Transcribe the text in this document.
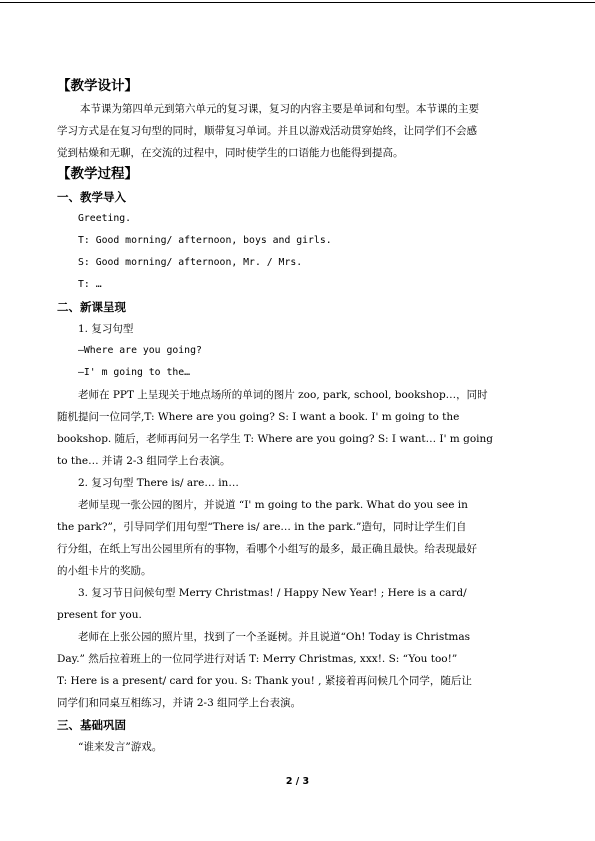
【教学设计】
本节课为第四单元到第六单元的复习课，复习的内容主要是单词和句型。本节课的主要
学习方式是在复习句型的同时，顺带复习单词。并且以游戏活动贯穿始终，让同学们不会感
觉到枯燥和无聊，在交流的过程中，同时使学生的口语能力也能得到提高。
【教学过程】
一、教学导入
Greeting.
T: Good morning/ afternoon, boys and girls.
S: Good morning/ afternoon, Mr. / Mrs.
T: …
二、新课呈现
1. 复习句型
—Where are you going?
—I' m going to the…
老师在 PPT 上呈现关于地点场所的单词的图片 zoo, park, school, bookshop…，同时
随机提问一位同学,T: Where are you going? S: I want a book. I' m going to the
bookshop. 随后，老师再问另一名学生 T: Where are you going? S: I want… I' m going
to the… 并请 2-3 组同学上台表演。
2. 复习句型 There is/ are… in…
老师呈现一张公园的图片，并说道 “I' m going to the park. What do you see in
the park?”，引导同学们用句型“There is/ are… in the park.”造句，同时让学生们自
行分组，在纸上写出公园里所有的事物，看哪个小组写的最多，最正确且最快。给表现最好
的小组卡片的奖励。
3. 复习节日问候句型 Merry Christmas! / Happy New Year! ; Here is a card/
present for you.
老师在上张公园的照片里，找到了一个圣诞树。并且说道“Oh! Today is Christmas
Day.” 然后拉着班上的一位同学进行对话 T: Merry Christmas, xxx!. S: “You too!”
T: Here is a present/ card for you. S: Thank you! , 紧接着再问候几个同学，随后让
同学们和同桌互相练习，并请 2-3 组同学上台表演。
三、基础巩固
“谁来发言”游戏。
2 / 3
